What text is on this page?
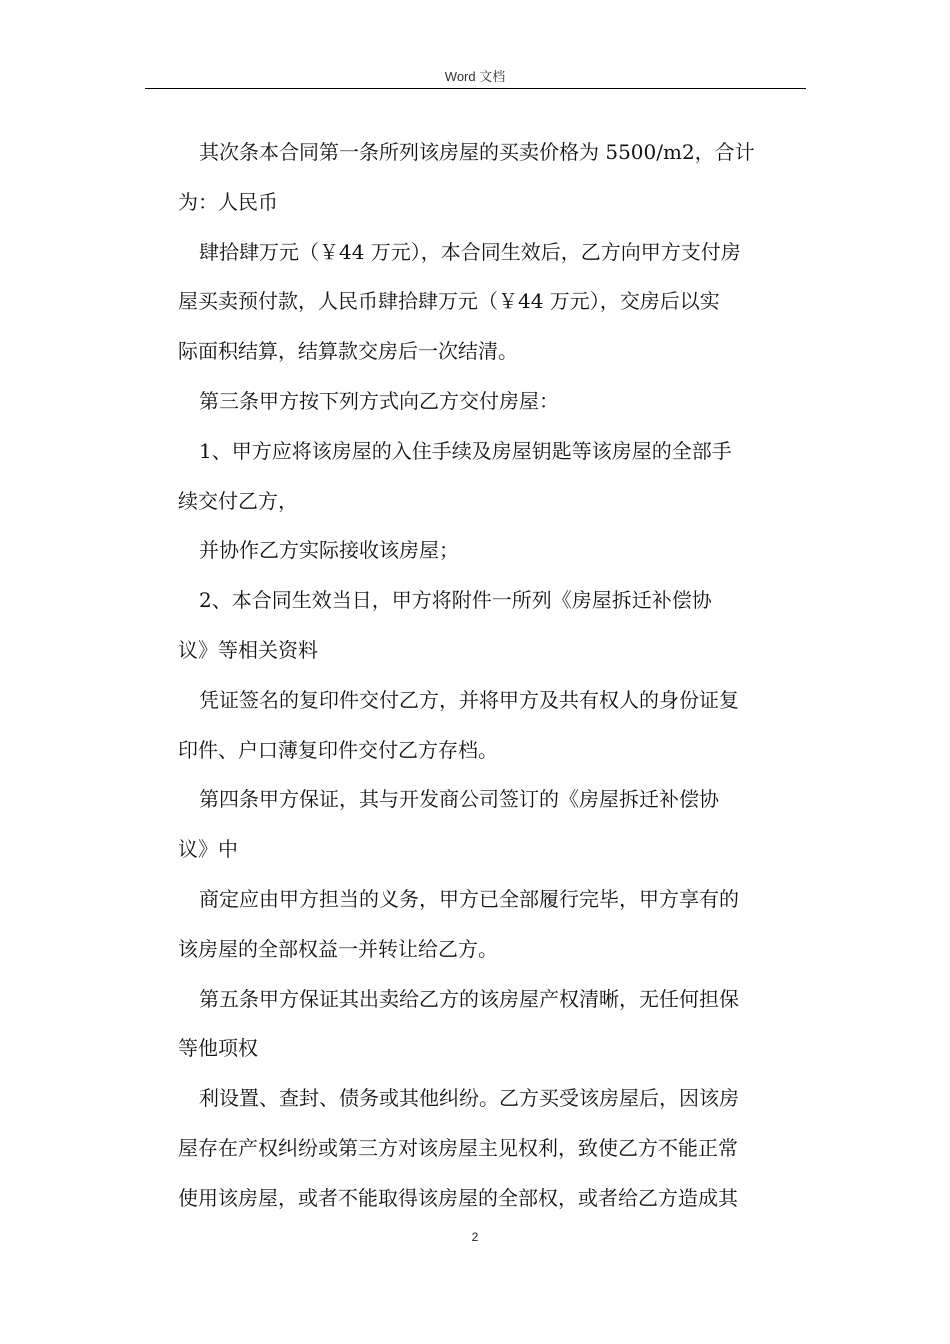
Word 文档

其次条本合同第一条所列该房屋的买卖价格为 5500/m2，合计

为：人民币

肆拾肆万元（￥44 万元），本合同生效后，乙方向甲方支付房

屋买卖预付款，人民币肆拾肆万元（￥44 万元），交房后以实

际面积结算，结算款交房后一次结清。

第三条甲方按下列方式向乙方交付房屋：

1、甲方应将该房屋的入住手续及房屋钥匙等该房屋的全部手

续交付乙方，

并协作乙方实际接收该房屋；

2、本合同生效当日，甲方将附件一所列《房屋拆迁补偿协

议》等相关资料

凭证签名的复印件交付乙方，并将甲方及共有权人的身份证复

印件、户口薄复印件交付乙方存档。

第四条甲方保证，其与开发商公司签订的《房屋拆迁补偿协

议》中

商定应由甲方担当的义务，甲方已全部履行完毕，甲方享有的

该房屋的全部权益一并转让给乙方。

第五条甲方保证其出卖给乙方的该房屋产权清晰，无任何担保

等他项权

利设置、查封、债务或其他纠纷。乙方买受该房屋后，因该房

屋存在产权纠纷或第三方对该房屋主见权利，致使乙方不能正常

使用该房屋，或者不能取得该房屋的全部权，或者给乙方造成其

2
